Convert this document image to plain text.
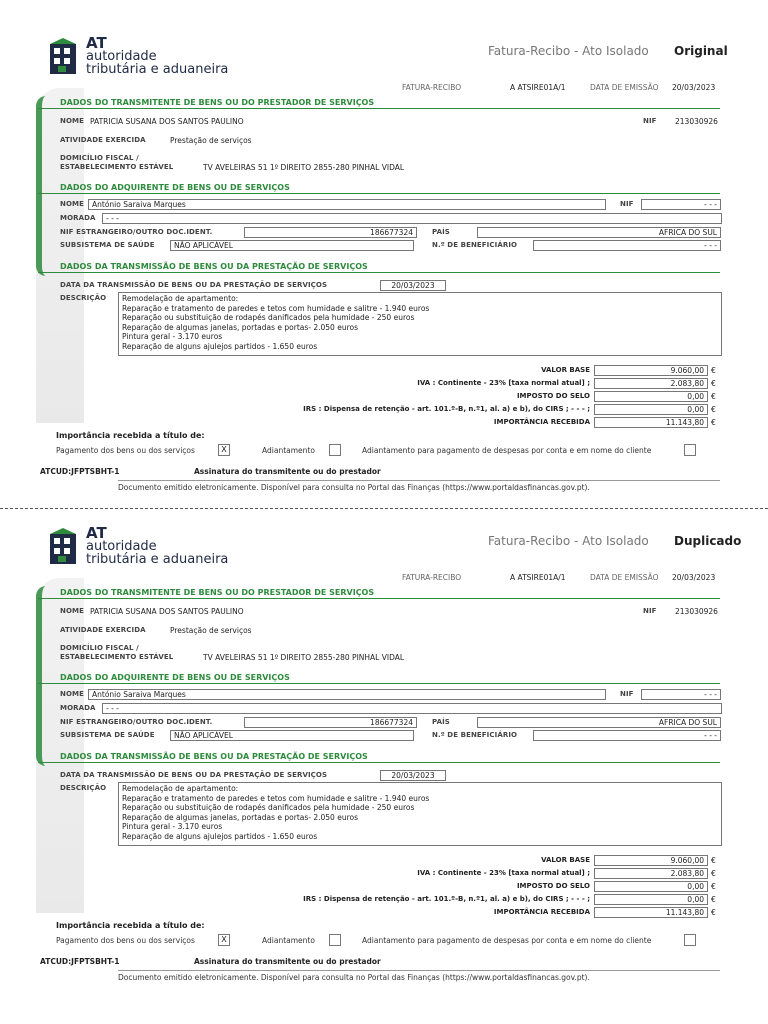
AT
autoridade
tributária e aduaneira
Fatura-Recibo - Ato Isolado Original
FATURA-RECIBO	A ATSIRE01A/1	DATA DE EMISSÃO 20/03/2023
DADOS DO TRANSMITENTE DE BENS OU DO PRESTADOR DE SERVIÇOS
NOME PATRICIA SUSANA DOS SANTOS PAULINO	NIF 213030926
ATIVIDADE EXERCIDA	Prestação de serviços
DOMICÍLIO FISCAL /
ESTABELECIMENTO ESTÁVEL	TV AVELEIRAS 51 1º DIREITO 2855-280 PINHAL VIDAL
DADOS DO ADQUIRENTE DE BENS OU DE SERVIÇOS
NOME	António Saraiva Marques	NIF	- - -
MORADA	- - -
NIF ESTRANGEIRO/OUTRO DOC.IDENT.	186677324	PAÍS	AFRICA DO SUL
SUBSISTEMA DE SAÚDE	NÃO APLICÁVEL	N.º DE BENEFICIÁRIO	- - -
DADOS DA TRANSMISSÃO DE BENS OU DA PRESTAÇÃO DE SERVIÇOS
DATA DA TRANSMISSÃO DE BENS OU DA PRESTAÇÃO DE SERVIÇOS	20/03/2023
DESCRIÇÃO Remodelação de apartamento:
Reparação e tratamento de paredes e tetos com humidade e salitre - 1.940 euros
Reparação ou substituição de rodapés danificados pela humidade - 250 euros
Reparação de algumas janelas, portadas e portas- 2.050 euros
Pintura geral - 3.170 euros
Reparação de alguns ajulejos partidos - 1.650 euros
VALOR BASE	9.060,00 €
IVA : Continente - 23% [taxa normal atual] ;	2.083,80 €
IMPOSTO DO SELO	0,00 €
IRS : Dispensa de retenção - art. 101.º-B, n.º1, al. a) e b), do CIRS ; - - - ;	0,00 €
IMPORTÂNCIA RECEBIDA	11.143,80 €
Importância recebida a título de:
Pagamento dos bens ou dos serviços	X	Adiantamento	Adiantamento para pagamento de despesas por conta e em nome do cliente
ATCUD:JFPTSBHT-1	Assinatura do transmitente ou do prestador
Documento emitido eletronicamente. Disponível para consulta no Portal das Finanças (https://www.portaldasfinancas.gov.pt).
AT
autoridade
tributária e aduaneira
Fatura-Recibo - Ato Isolado Duplicado
FATURA-RECIBO	A ATSIRE01A/1	DATA DE EMISSÃO 20/03/2023
DADOS DO TRANSMITENTE DE BENS OU DO PRESTADOR DE SERVIÇOS
NOME PATRICIA SUSANA DOS SANTOS PAULINO	NIF 213030926
ATIVIDADE EXERCIDA	Prestação de serviços
DOMICÍLIO FISCAL /
ESTABELECIMENTO ESTÁVEL	TV AVELEIRAS 51 1º DIREITO 2855-280 PINHAL VIDAL
DADOS DO ADQUIRENTE DE BENS OU DE SERVIÇOS
NOME	António Saraiva Marques	NIF	- - -
MORADA	- - -
NIF ESTRANGEIRO/OUTRO DOC.IDENT.	186677324	PAÍS	AFRICA DO SUL
SUBSISTEMA DE SAÚDE	NÃO APLICÁVEL	N.º DE BENEFICIÁRIO	- - -
DADOS DA TRANSMISSÃO DE BENS OU DA PRESTAÇÃO DE SERVIÇOS
DATA DA TRANSMISSÃO DE BENS OU DA PRESTAÇÃO DE SERVIÇOS	20/03/2023
DESCRIÇÃO Remodelação de apartamento:
Reparação e tratamento de paredes e tetos com humidade e salitre - 1.940 euros
Reparação ou substituição de rodapés danificados pela humidade - 250 euros
Reparação de algumas janelas, portadas e portas- 2.050 euros
Pintura geral - 3.170 euros
Reparação de alguns ajulejos partidos - 1.650 euros
VALOR BASE	9.060,00 €
IVA : Continente - 23% [taxa normal atual] ;	2.083,80 €
IMPOSTO DO SELO	0,00 €
IRS : Dispensa de retenção - art. 101.º-B, n.º1, al. a) e b), do CIRS ; - - - ;	0,00 €
IMPORTÂNCIA RECEBIDA	11.143,80 €
Importância recebida a título de:
Pagamento dos bens ou dos serviços	X	Adiantamento	Adiantamento para pagamento de despesas por conta e em nome do cliente
ATCUD:JFPTSBHT-1	Assinatura do transmitente ou do prestador
Documento emitido eletronicamente. Disponível para consulta no Portal das Finanças (https://www.portaldasfinancas.gov.pt).
